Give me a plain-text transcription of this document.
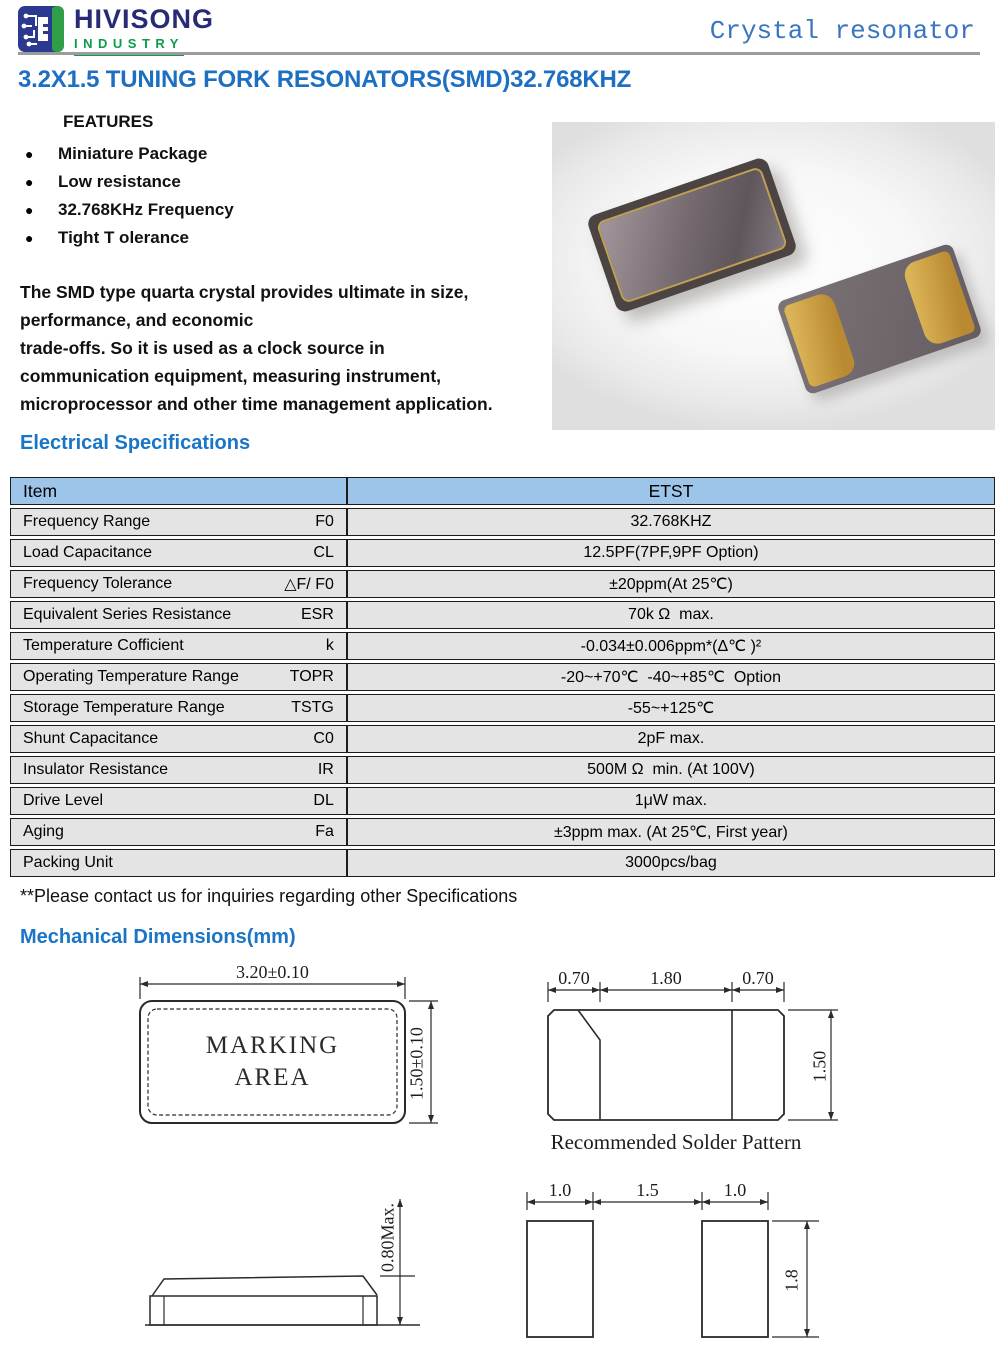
HIVISONG
INDUSTRY	Crystal resonator
3.2X1.5 TUNING FORK RESONATORS(SMD)32.768KHZ
FEATURES
●	Miniature Package
●	Low resistance
●	32.768KHz Frequency
●	Tight T olerance
The SMD type quarta crystal provides ultimate in size,
performance, and economic
trade-offs. So it is used as a clock source in
communication equipment, measuring instrument,
microprocessor and other time management application.
Electrical Specifications
Item	ETST

Frequency Range F0	32.768KHZ

Load Capacitance CL	12.5PF(7PF,9PF Option)

Frequency Tolerance △F/ F0	±20ppm(At 25℃)

Equivalent Series Resistance ESR	70k Ω  max.

Temperature Cofficient k	-0.034±0.006ppm*(Δ℃ )²

Operating Temperature Range TOPR	-20~+70℃  -40~+85℃  Option

Storage Temperature Range TSTG	-55~+125℃

Shunt Capacitance C0	2pF max.

Insulator Resistance IR	500M Ω  min. (At 100V)

Drive Level DL	1μW max.

Aging Fa	±3ppm max. (At 25℃, First year)

Packing Unit	3000pcs/bag
**Please contact us for inquiries regarding other Specifications
Mechanical Dimensions(mm)
3.20±0.10
1.50±0.10
MARKING
AREA
0.70	1.80	0.70
1.50
Recommended Solder Pattern
0.80Max.
1.0	1.5	1.0
1.8
